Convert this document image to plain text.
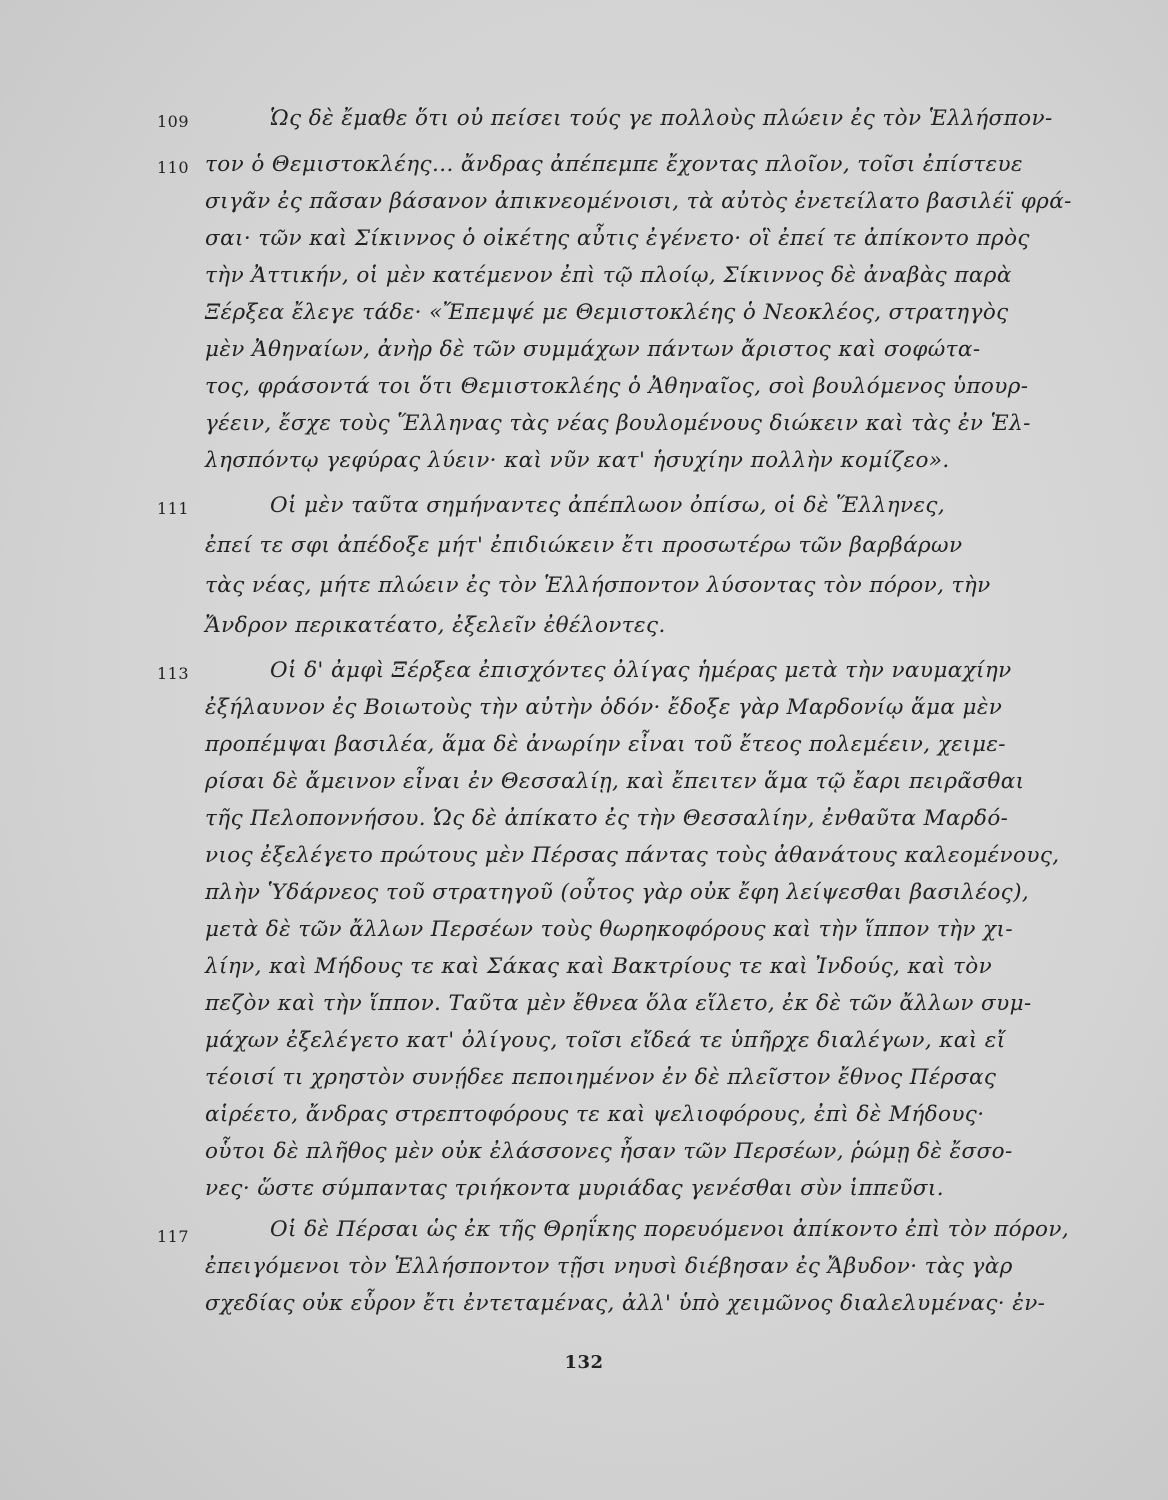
109	Ὡς δὲ ἔμαθε ὅτι οὐ πείσει τούς γε πολλοὺς πλώειν ἐς τὸν Ἑλλήσπον-
110 τον ὁ Θεμιστοκλέης... ἄνδρας ἀπέπεμπε ἔχοντας πλοῖον, τοῖσι ἐπίστευε
σιγᾶν ἐς πᾶσαν βάσανον ἀπικνεομένοισι, τὰ αὐτὸς ἐνετείλατο βασιλέϊ φρά-
σαι· τῶν καὶ Σίκιννος ὁ οἰκέτης αὖτις ἐγένετο· οἳ ἐπεί τε ἀπίκοντο πρὸς
τὴν Ἀττικήν, οἱ μὲν κατέμενον ἐπὶ τῷ πλοίῳ, Σίκιννος δὲ ἀναβὰς παρὰ
Ξέρξεα ἔλεγε τάδε· «Ἔπεμψέ με Θεμιστοκλέης ὁ Νεοκλέος, στρατηγὸς
μὲν Ἀθηναίων, ἀνὴρ δὲ τῶν συμμάχων πάντων ἄριστος καὶ σοφώτα-
τος, φράσοντά τοι ὅτι Θεμιστοκλέης ὁ Ἀθηναῖος, σοὶ βουλόμενος ὑπουρ-
γέειν, ἔσχε τοὺς Ἕλληνας τὰς νέας βουλομένους διώκειν καὶ τὰς ἐν Ἑλ-
λησπόντῳ γεφύρας λύειν· καὶ νῦν κατ' ἡσυχίην πολλὴν κομίζεο».
111	Οἱ μὲν ταῦτα σημήναντες ἀπέπλωον ὀπίσω, οἱ δὲ Ἕλληνες,
ἐπεί τε σφι ἀπέδοξε μήτ' ἐπιδιώκειν ἔτι προσωτέρω τῶν βαρβάρων
τὰς νέας, μήτε πλώειν ἐς τὸν Ἑλλήσποντον λύσοντας τὸν πόρον, τὴν
Ἄνδρον περικατέατο, ἐξελεῖν ἐθέλοντες.
113	Οἱ δ' ἀμφὶ Ξέρξεα ἐπισχόντες ὀλίγας ἡμέρας μετὰ τὴν ναυμαχίην
ἐξήλαυνον ἐς Βοιωτοὺς τὴν αὐτὴν ὁδόν· ἔδοξε γὰρ Μαρδονίῳ ἅμα μὲν
προπέμψαι βασιλέα, ἅμα δὲ ἀνωρίην εἶναι τοῦ ἔτεος πολεμέειν, χειμε-
ρίσαι δὲ ἄμεινον εἶναι ἐν Θεσσαλίῃ, καὶ ἔπειτεν ἅμα τῷ ἔαρι πειρᾶσθαι
τῆς Πελοποννήσου. Ὡς δὲ ἀπίκατο ἐς τὴν Θεσσαλίην, ἐνθαῦτα Μαρδό-
νιος ἐξελέγετο πρώτους μὲν Πέρσας πάντας τοὺς ἀθανάτους καλεομένους,
πλὴν Ὑδάρνεος τοῦ στρατηγοῦ (οὗτος γὰρ οὐκ ἔφη λείψεσθαι βασιλέος),
μετὰ δὲ τῶν ἄλλων Περσέων τοὺς θωρηκοφόρους καὶ τὴν ἵππον τὴν χι-
λίην, καὶ Μήδους τε καὶ Σάκας καὶ Βακτρίους τε καὶ Ἰνδούς, καὶ τὸν
πεζὸν καὶ τὴν ἵππον. Ταῦτα μὲν ἔθνεα ὅλα εἵλετο, ἐκ δὲ τῶν ἄλλων συμ-
μάχων ἐξελέγετο κατ' ὀλίγους, τοῖσι εἴδεά τε ὑπῆρχε διαλέγων, καὶ εἴ
τέοισί τι χρηστὸν συνῄδεε πεποιημένον ἐν δὲ πλεῖστον ἔθνος Πέρσας
αἱρέετο, ἄνδρας στρεπτοφόρους τε καὶ ψελιοφόρους, ἐπὶ δὲ Μήδους·
οὗτοι δὲ πλῆθος μὲν οὐκ ἐλάσσονες ἦσαν τῶν Περσέων, ῥώμῃ δὲ ἔσσο-
νες· ὥστε σύμπαντας τριήκοντα μυριάδας γενέσθαι σὺν ἱππεῦσι.
117	Οἱ δὲ Πέρσαι ὡς ἐκ τῆς Θρηΐκης πορευόμενοι ἀπίκοντο ἐπὶ τὸν πόρον,
ἐπειγόμενοι τὸν Ἑλλήσποντον τῇσι νηυσὶ διέβησαν ἐς Ἄβυδον· τὰς γὰρ
σχεδίας οὐκ εὗρον ἔτι ἐντεταμένας, ἀλλ' ὑπὸ χειμῶνος διαλελυμένας· ἐν-
132
